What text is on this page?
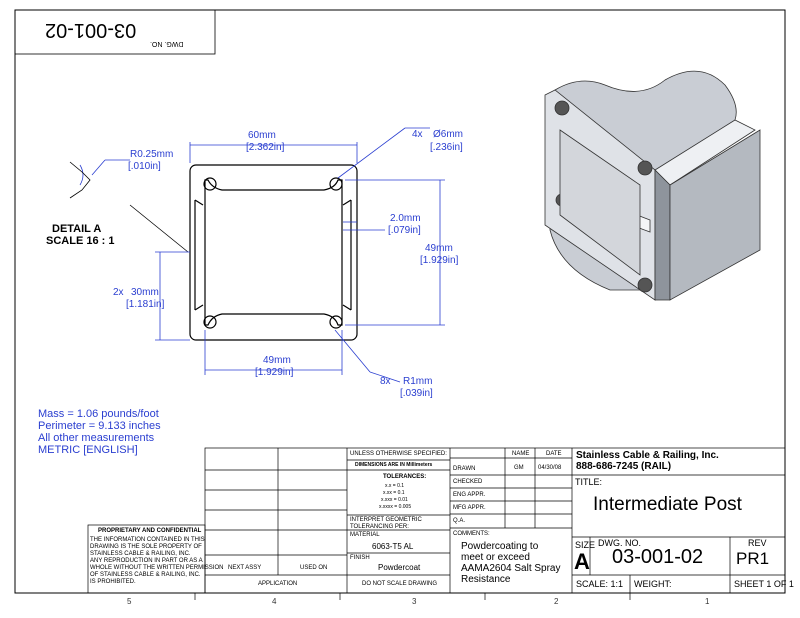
03-001-02
DWG. NO.
R0.25mm
[.010in]
DETAIL A
SCALE 16 : 1
60mm
[2.362in]
4x Ø6mm
[.236in]
2.0mm
[.079in]
49mm
[1.929in]
2x 30mm
[1.181in]
49mm
[1.929in]
8x R1mm
[.039in]
Mass = 1.06 pounds/foot
Perimeter = 9.133 inches
All other measurements
METRIC [ENGLISH]
PROPRIETARY AND CONFIDENTIAL
THE INFORMATION CONTAINED IN THIS
DRAWING IS THE SOLE PROPERTY OF
STAINLESS CABLE & RAILING, INC.
ANY REPRODUCTION IN PART OR AS A
WHOLE WITHOUT THE WRITTEN PERMISSION
OF STAINLESS CABLE & RAILING, INC.
IS PROHIBITED.
NEXT ASSY	USED ON
APPLICATION
UNLESS OTHERWISE SPECIFIED:
DIMENSIONS ARE IN Millimeters
TOLERANCES:
x.x = 0.1
x.xx = 0.1
x.xxx = 0.01
x.xxxx = 0.005
INTERPRET GEOMETRIC
TOLERANCING PER:
MATERIAL
6063-T5 AL
FINISH
Powdercoat
DO NOT SCALE DRAWING
NAME	DATE
DRAWN	GM 04/30/08
CHECKED
ENG APPR.
MFG APPR.
Q.A.
COMMENTS:
Powdercoating to
meet or exceed
AAMA2604 Salt Spray
Resistance
Stainless Cable & Railing, Inc.
888-686-7245 (RAIL)
TITLE:
Intermediate Post
SIZE
A
DWG. NO.
03-001-02
REV
PR1
SCALE: 1:1 WEIGHT:	SHEET 1 OF 1
5	4	3	2	1
